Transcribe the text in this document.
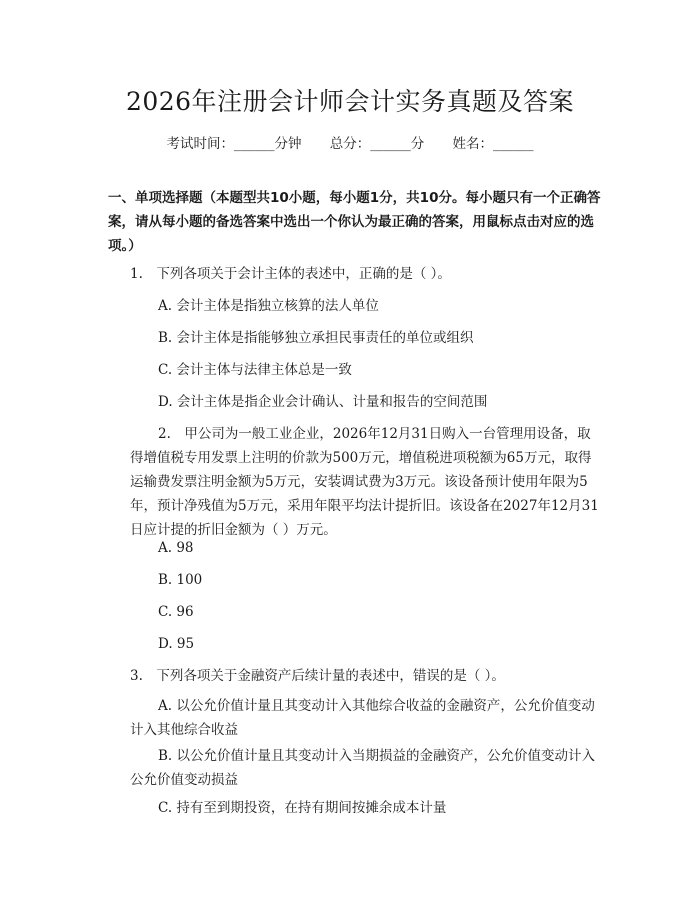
2026年注册会计师会计实务真题及答案
考试时间：______分钟 总分：______分 姓名：______
一、单项选择题（本题型共10小题，每小题1分，共10分。每小题只有一个正确答案，请从每小题的备选答案中选出一个你认为最正确的答案，用鼠标点击对应的选项。）
1.　下列各项关于会计主体的表述中，正确的是（ ）。
A. 会计主体是指独立核算的法人单位
B. 会计主体是指能够独立承担民事责任的单位或组织
C. 会计主体与法律主体总是一致
D. 会计主体是指企业会计确认、计量和报告的空间范围
2.　甲公司为一般工业企业，2026年12月31日购入一台管理用设备，取得增值税专用发票上注明的价款为500万元，增值税进项税额为65万元，取得运输费发票注明金额为5万元，安装调试费为3万元。该设备预计使用年限为5年，预计净残值为5万元，采用年限平均法计提折旧。该设备在2027年12月31日应计提的折旧金额为（ ）万元。
A. 98
B. 100
C. 96
D. 95
3.　下列各项关于金融资产后续计量的表述中，错误的是（ ）。
A. 以公允价值计量且其变动计入其他综合收益的金融资产，公允价值变动计入其他综合收益
B. 以公允价值计量且其变动计入当期损益的金融资产，公允价值变动计入公允价值变动损益
C. 持有至到期投资，在持有期间按摊余成本计量
